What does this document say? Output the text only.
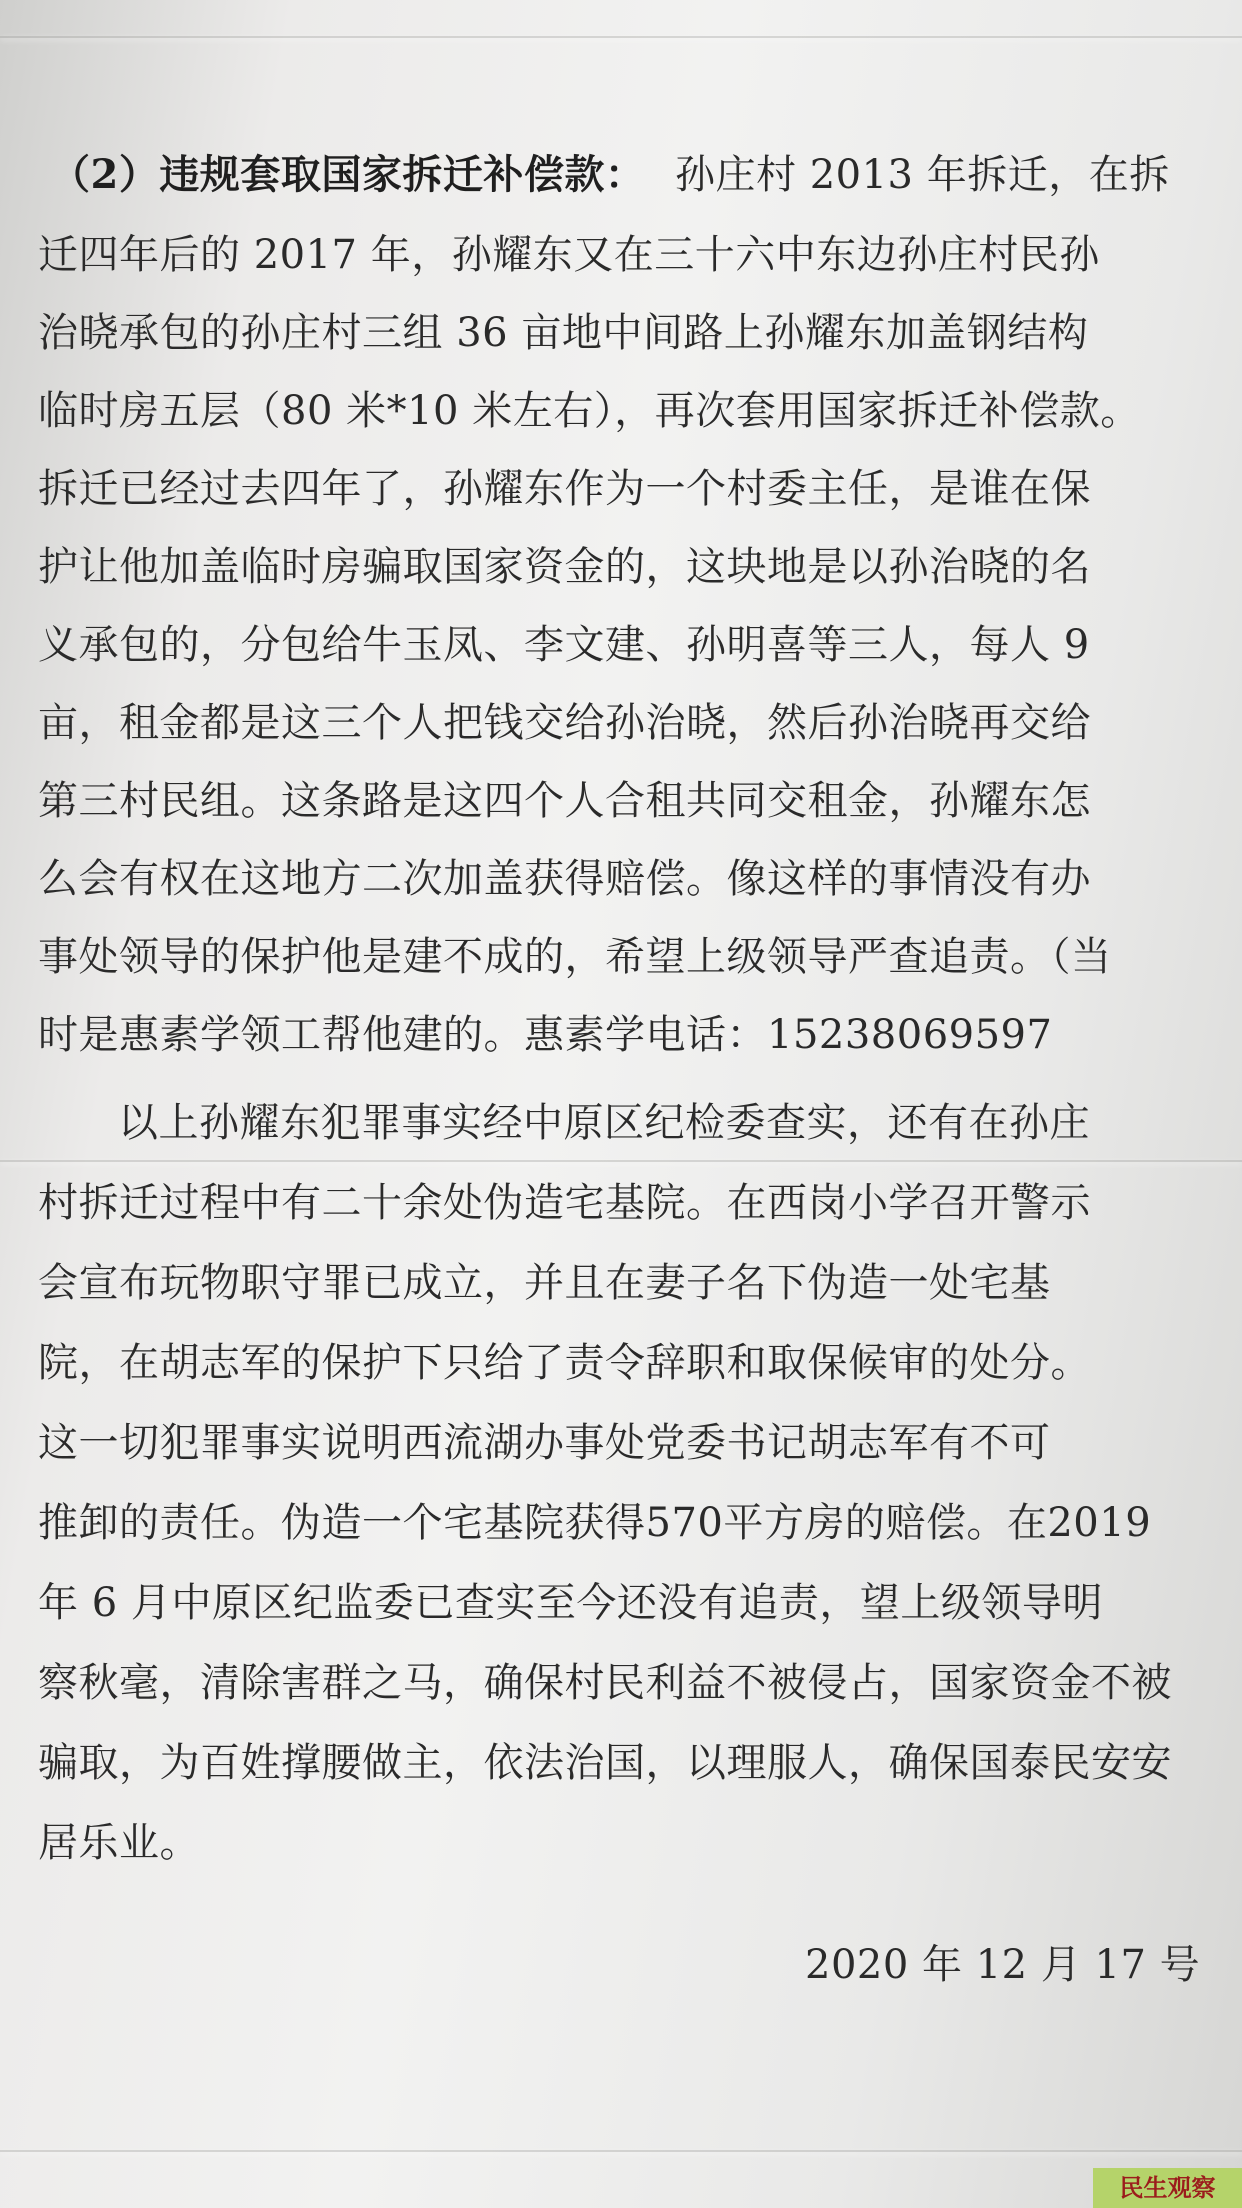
（2）违规套取国家拆迁补偿款： 孙庄村 2013 年拆迁，在拆
迁四年后的 2017 年，孙耀东又在三十六中东边孙庄村民孙
治晓承包的孙庄村三组 36 亩地中间路上孙耀东加盖钢结构
临时房五层（80 米*10 米左右），再次套用国家拆迁补偿款。
拆迁已经过去四年了，孙耀东作为一个村委主任，是谁在保
护让他加盖临时房骗取国家资金的，这块地是以孙治晓的名
义承包的，分包给牛玉凤、李文建、孙明喜等三人，每人 9
亩，租金都是这三个人把钱交给孙治晓，然后孙治晓再交给
第三村民组。这条路是这四个人合租共同交租金，孙耀东怎
么会有权在这地方二次加盖获得赔偿。像这样的事情没有办
事处领导的保护他是建不成的，希望上级领导严查追责。（当
时是惠素学领工帮他建的。惠素学电话：15238069597
以上孙耀东犯罪事实经中原区纪检委查实，还有在孙庄
村拆迁过程中有二十余处伪造宅基院。在西岗小学召开警示
会宣布玩物职守罪已成立，并且在妻子名下伪造一处宅基
院，在胡志军的保护下只给了责令辞职和取保候审的处分。
这一切犯罪事实说明西流湖办事处党委书记胡志军有不可
推卸的责任。伪造一个宅基院获得570平方房的赔偿。在2019
年 6 月中原区纪监委已查实至今还没有追责，望上级领导明
察秋毫，清除害群之马，确保村民利益不被侵占，国家资金不被
骗取，为百姓撑腰做主，依法治国，以理服人，确保国泰民安安
居乐业。
2020 年 12 月 17 号
民生观察
